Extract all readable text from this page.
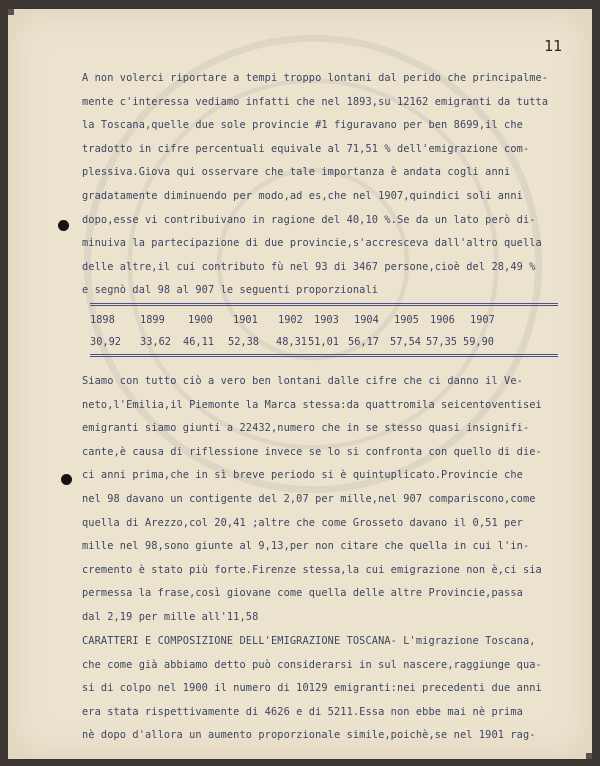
11
A non volerci riportare a tempi troppo lontani dal perido che principalme-
mente c'interessa vediamo infatti che nel 1893,su 12162 emigranti da tutta
la Toscana,quelle due sole provincie #1 figuravano per ben 8699,il che
tradotto in cifre percentuali equivale al 71,51 % dell'emigrazione com-
plessiva.Giova qui osservare che tale importanza è andata cogli anni
gradatamente diminuendo per modo,ad es,che nel 1907,quindici soli anni
dopo,esse vi contribuivano in ragione del 40,10 %.Se da un lato però di-
minuiva la partecipazione di due provincie,s'accresceva dall'altro quella
delle altre,il cui contributo fù nel 93 di 3467 persone,cioè del 28,49 %
e segnò dal 98 al 907 le seguenti proporzionali
1898 1899 1900 1901 1902 1903 1904 1905 1906 1907
30,92 33,62 46,11 52,38 48,31 51,01 56,17 57,54 57,35 59,90
Siamo con tutto ciò a vero ben lontani dalle cifre che ci danno il Ve-
neto,l'Emilia,il Piemonte la Marca stessa:da quattromila seicentoventisei
emigranti siamo giunti a 22432,numero che in se stesso quasi insignifi-
cante,è causa di riflessione invece se lo si confronta con quello di die-
ci anni prima,che in sì breve periodo si è quintuplicato.Provincie che
nel 98 davano un contigente del 2,07 per mille,nel 907 compariscono,come
quella di Arezzo,col 20,41 ;altre che come Grosseto davano il 0,51 per
mille nel 98,sono giunte al 9,13,per non citare che quella in cui l'in-
cremento è stato più forte.Firenze stessa,la cui emigrazione non è,ci sia
permessa la frase,così giovane come quella delle altre Provincie,passa
dal 2,19 per mille all'11,58
CARATTERI E COMPOSIZIONE DELL'EMIGRAZIONE TOSCANA- L'migrazione Toscana,
che come già abbiamo detto può considerarsi in sul nascere,raggiunge qua-
si di colpo nel 1900 il numero di 10129 emigranti:nei precedenti due anni
era stata rispettivamente di 4626 e di 5211.Essa non ebbe mai nè prima
nè dopo d'allora un aumento proporzionale simile,poichè,se nel 1901 rag-
